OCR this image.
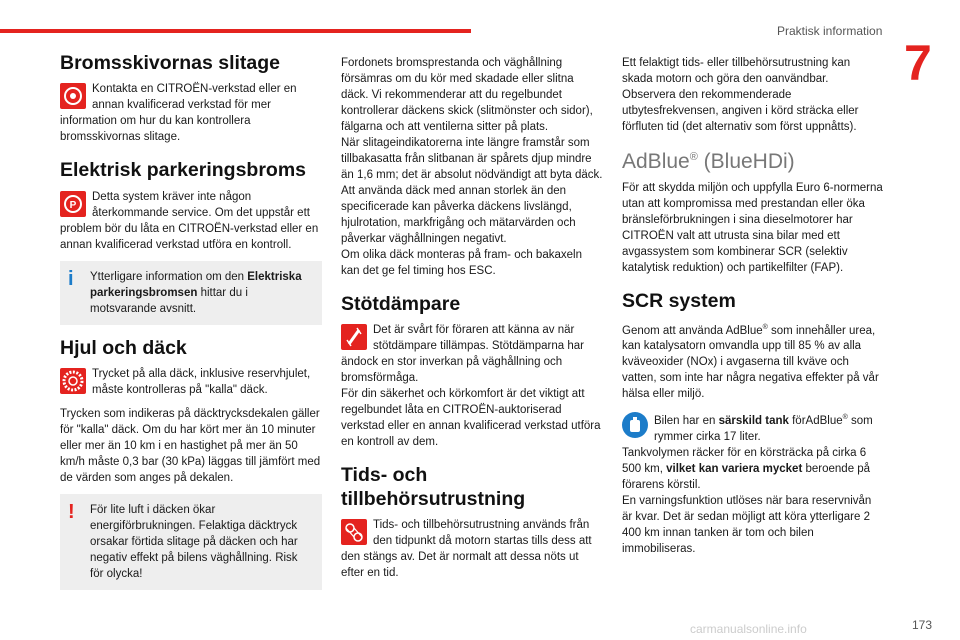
Praktisk information
7
Bromsskivornas slitage

Kontakta en CITROËN-verkstad eller en annan kvalificerad verkstad för mer information om hur du kan kontrollera bromsskivornas slitage.

Elektrisk parkeringsbroms

P
Detta system kräver inte någon återkommande service. Om det uppstår ett problem bör du låta en CITROËN-verkstad eller en annan kvalificerad verkstad utföra en kontroll.

i	Ytterligare information om den Elektriska parkeringsbromsen hittar du i motsvarande avsnitt.

Hjul och däck

Trycket på alla däck, inklusive reservhjulet, måste kontrolleras på "kalla" däck.

Trycken som indikeras på däcktrycksdekalen gäller för "kalla" däck. Om du har kört mer än 10 minuter eller mer än 10 km i en hastighet på mer än 50 km/h måste 0,3 bar (30 kPa) läggas till jämfört med de värden som anges på dekalen.

!	För lite luft i däcken ökar energiförbrukningen. Felaktiga däcktryck orsakar förtida slitage på däcken och har negativ effekt på bilens väghållning. Risk för olycka!

Fordonets bromsprestanda och väghållning försämras om du kör med skadade eller slitna däck. Vi rekommenderar att du regelbundet kontrollerar däckens skick (slitmönster och sidor), fälgarna och att ventilerna sitter på plats.
När slitageindikatorerna inte längre framstår som tillbakasatta från slitbanan är spårets djup mindre än 1,6 mm; det är absolut nödvändigt att byta däck.
Att använda däck med annan storlek än den specificerade kan påverka däckens livslängd, hjulrotation, markfrigång och mätarvärden och påverkar väghållningen negativt.
Om olika däck monteras på fram- och bakaxeln kan det ge fel timing hos ESC.

Stötdämpare

Det är svårt för föraren att känna av när stötdämpare tillämpas. Stötdämparna har ändock en stor inverkan på väghållning och bromsförmåga.
För din säkerhet och körkomfort är det viktigt att regelbundet låta en CITROËN-auktoriserad verkstad eller en annan kvalificerad verkstad utföra en kontroll av dem.

Tids- och tillbehörsutrustning

Tids- och tillbehörsutrustning används från den tidpunkt då motorn startas tills dess att den stängs av. Det är normalt att dessa nöts ut efter en tid.

Ett felaktigt tids- eller tillbehörsutrustning kan skada motorn och göra den oanvändbar.
Observera den rekommenderade utbytesfrekvensen, angiven i körd sträcka eller förfluten tid (det alternativ som först uppnåtts).

AdBlue® (BlueHDi)

För att skydda miljön och uppfylla Euro 6-normerna utan att kompromissa med prestandan eller öka bränsleförbrukningen i sina dieselmotorer har CITROËN valt att utrusta sina bilar med ett avgassystem som kombinerar SCR (selektiv katalytisk reduktion) och partikelfilter (FAP).

SCR system

Genom att använda AdBlue® som innehåller urea, kan katalysatorn omvandla upp till 85 % av alla kväveoxider (NOx) i avgaserna till kväve och vatten, som inte har några negativa effekter på vår hälsa eller miljö.

Bilen har en särskild tank förAdBlue® som rymmer cirka 17 liter.
Tankvolymen räcker för en körsträcka på cirka 6 500 km, vilket kan variera mycket beroende på förarens körstil.
En varningsfunktion utlöses när bara reservnivån är kvar. Det är sedan möjligt att köra ytterligare 2 400 km innan tanken är tom och bilen immobiliseras.

carmanualsonline.info	173
